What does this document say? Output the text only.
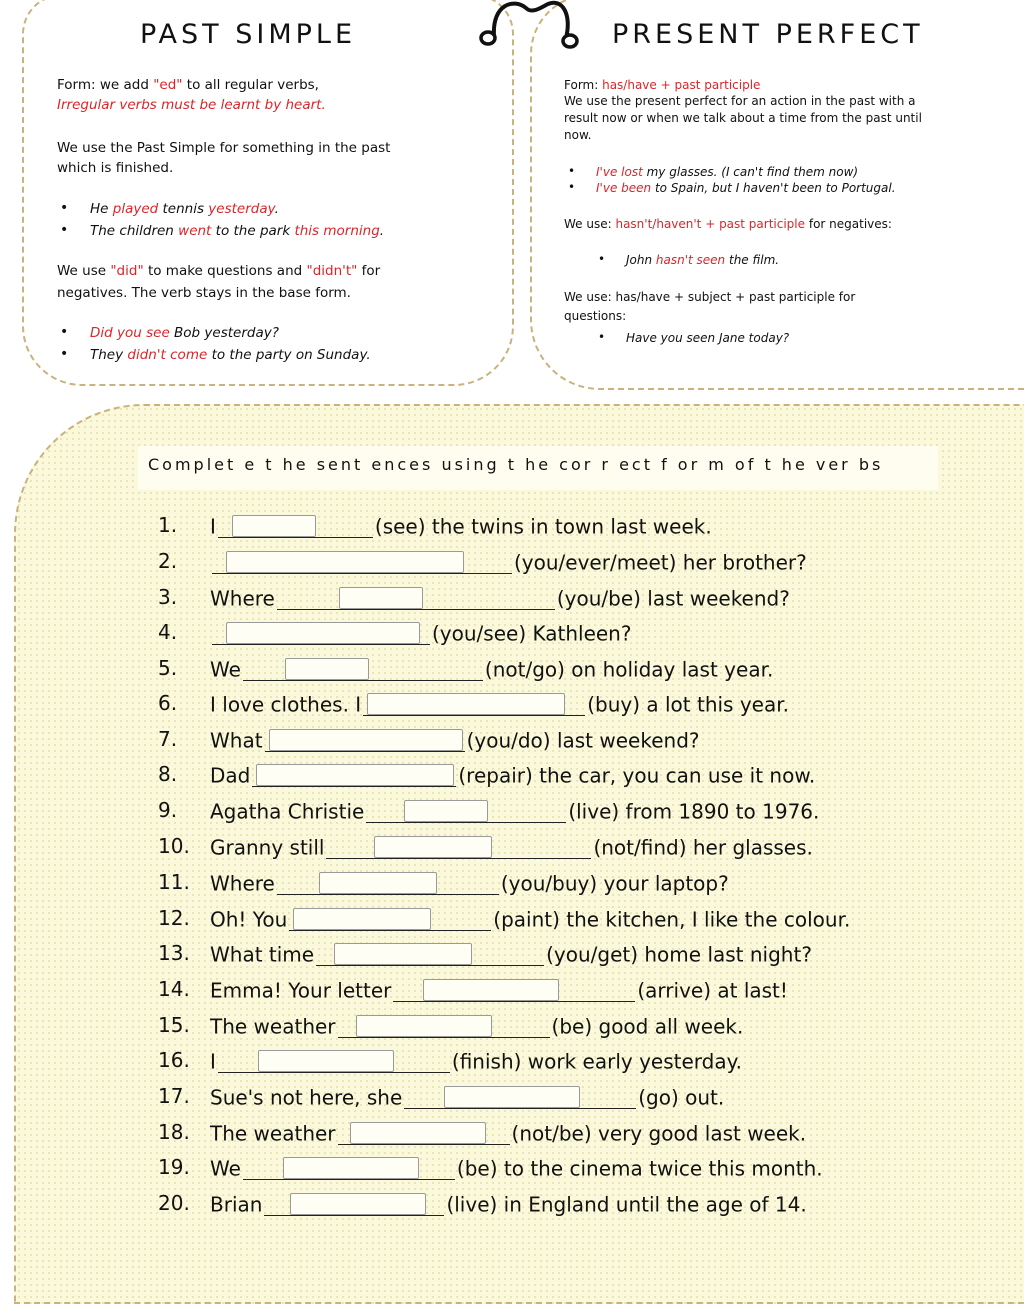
PAST SIMPLE
Form: we add "ed" to all regular verbs,
Irregular verbs must be learnt by heart.
We use the Past Simple for something in the past
which is finished.
• He played tennis yesterday.
• The children went to the park this morning.
We use "did" to make questions and "didn't" for
negatives. The verb stays in the base form.
• Did you see Bob yesterday?
• They didn't come to the party on Sunday.
PRESENT PERFECT
Form: has/have + past participle
We use the present perfect for an action in the past with a
result now or when we talk about a time from the past until
now.
• I've lost my glasses. (I can't find them now)
• I've been to Spain, but I haven't been to Portugal.
We use: hasn't/haven't + past participle for negatives:
• John hasn't seen the film.
We use: has/have + subject + past participle for
questions:
• Have you seen Jane today?
Complet e t he sent ences using t he cor r ect f or m of t he ver bs
1. I	(see) the twins in town last week.
2.	(you/ever/meet) her brother?
3. Where	(you/be) last weekend?
4.	(you/see) Kathleen?
5. We	(not/go) on holiday last year.
6. I love clothes. I	(buy) a lot this year.
7. What	(you/do) last weekend?
8. Dad	(repair) the car, you can use it now.
9. Agatha Christie	(live) from 1890 to 1976.
10. Granny still	(not/find) her glasses.
11. Where	(you/buy) your laptop?
12. Oh! You	(paint) the kitchen, I like the colour.
13. What time	(you/get) home last night?
14. Emma! Your letter	(arrive) at last!
15. The weather	(be) good all week.
16. I	(finish) work early yesterday.
17. Sue's not here, she	(go) out.
18. The weather	(not/be) very good last week.
19. We	(be) to the cinema twice this month.
20. Brian	(live) in England until the age of 14.
